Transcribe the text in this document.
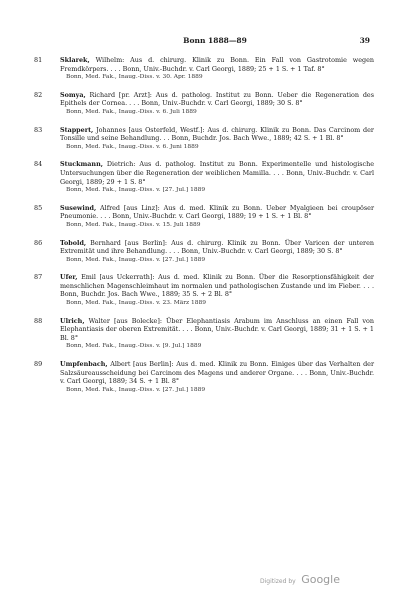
Bonn 1888—89	39
81	Sklarek, Wilhelm: Aus d. chirurg. Klinik zu Bonn. Ein Fall von Gastrotomie wegen Fremdkörpers. . . . Bonn, Univ.-Buchdr. v. Carl Georgi, 1889; 25 + 1 S. + 1 Taf. 8°
Bonn, Med. Fak., Inaug.-Diss. v. 30. Apr. 1889
82	Somya, Richard [pr. Arzt]: Aus d. patholog. Institut zu Bonn. Ueber die Regeneration des Epithels der Cornea. . . . Bonn, Univ.-Buchdr. v. Carl Georgi, 1889; 30 S. 8°
Bonn, Med. Fak., Inaug.-Diss. v. 6. Juli 1889
83	Stappert, Johannes [aus Osterfeld, Westf.]: Aus d. chirurg. Klinik zu Bonn. Das Carcinom der Tonsille und seine Behandlung. . . Bonn, Buchdr. Jos. Bach Wwe., 1889; 42 S. + 1 Bl. 8°
Bonn, Med. Fak., Inaug.-Diss. v. 6. Juni 1889
84	Stuckmann, Dietrich: Aus d. patholog. Institut zu Bonn. Experimentelle und histologische Untersuchungen über die Regeneration der weiblichen Mamilla. . . . Bonn, Univ.-Buchdr. v. Carl Georgi, 1889; 29 + 1 S. 8°
Bonn, Med. Fak., Inaug.-Diss. v. [27. Jul.] 1889
85	Susewind, Alfred [aus Linz]: Aus d. med. Klinik zu Bonn. Ueber Myalgieen bei croupöser Pneumonie. . . . Bonn, Univ.-Buchdr. v. Carl Georgi, 1889; 19 + 1 S. + 1 Bl. 8°
Bonn, Med. Fak., Inaug.-Diss. v. 15. Juli 1889
86	Tobold, Bernhard [aus Berlin]: Aus d. chirurg. Klinik zu Bonn. Über Varicen der unteren Extremität und ihre Behandlung. . . . Bonn, Univ.-Buchdr. v. Carl Georgi, 1889; 30 S. 8°
Bonn, Med. Fak., Inaug.-Diss. v. [27. Jul.] 1889
87	Ufer, Emil [aus Uckerrath]: Aus d. med. Klinik zu Bonn. Über die Resorptionsfähigkeit der menschlichen Magenschleimhaut im normalen und pathologischen Zustande und im Fieber. . . . Bonn, Buchdr. Jos. Bach Wwe., 1889; 35 S. + 2 Bl. 8°
Bonn, Med. Fak., Inaug.-Diss. v. 23. März 1889
88	Ulrich, Walter [aus Bolecke]: Über Elephantiasis Arabum im Anschluss an einen Fall von Elephantiasis der oberen Extremität. . . . Bonn, Univ.-Buchdr. v. Carl Georgi, 1889; 31 + 1 S. + 1 Bl. 8°
Bonn, Med. Fak., Inaug.-Diss. v. [9. Jul.] 1889
89	Umpfenbach, Albert [aus Berlin]: Aus d. med. Klinik zu Bonn. Einiges über das Verhalten der Salzsäureausscheidung bei Carcinom des Magens und anderer Organe. . . . Bonn, Univ.-Buchdr. v. Carl Georgi, 1889; 34 S. + 1 Bl. 8°
Bonn, Med. Fak., Inaug.-Diss. v. [27. Jul.] 1889
Digitized by Google
